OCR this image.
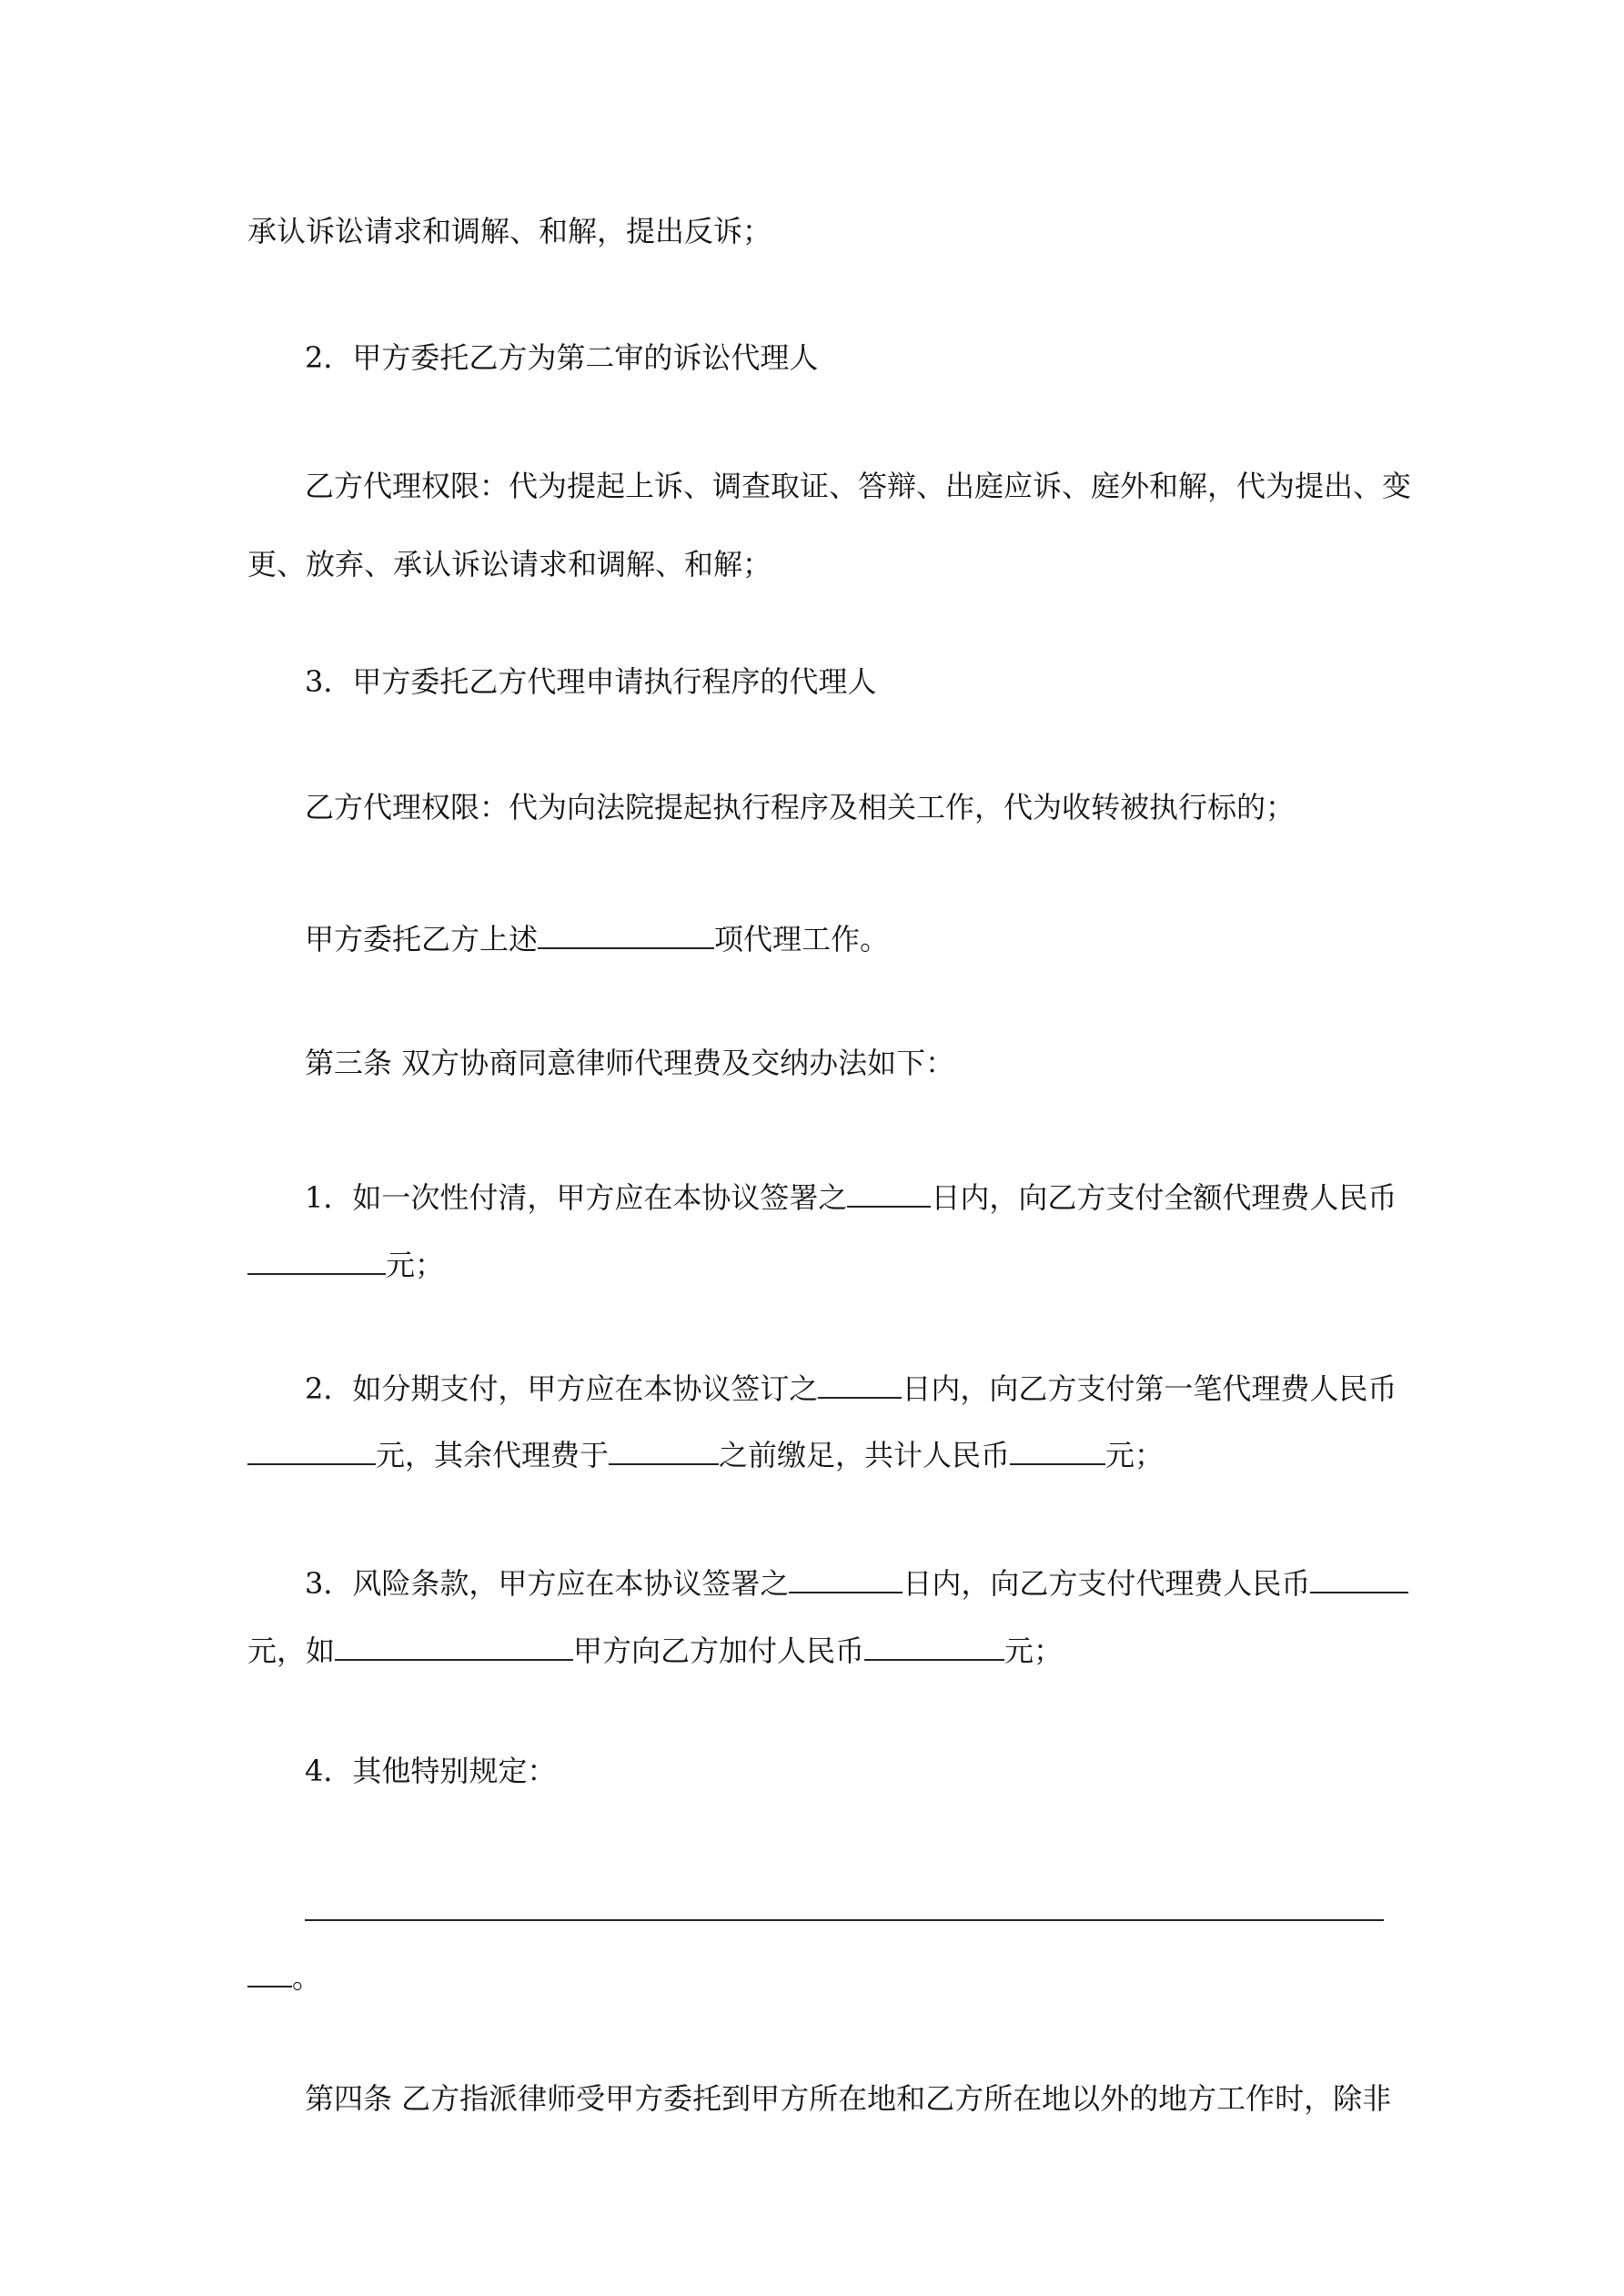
承认诉讼请求和调解、和解，提出反诉；
2．甲方委托乙方为第二审的诉讼代理人
乙方代理权限：代为提起上诉、调查取证、答辩、出庭应诉、庭外和解，代为提出、变
更、放弃、承认诉讼请求和调解、和解；
3．甲方委托乙方代理申请执行程序的代理人
乙方代理权限：代为向法院提起执行程序及相关工作，代为收转被执行标的；
甲方委托乙方上述	项代理工作。
第三条 双方协商同意律师代理费及交纳办法如下：
1．如一次性付清，甲方应在本协议签署之	日内，向乙方支付全额代理费人民币
元；
2．如分期支付，甲方应在本协议签订之	日内，向乙方支付第一笔代理费人民币
元，其余代理费于	之前缴足，共计人民币	元；
3．风险条款，甲方应在本协议签署之	日内，向乙方支付代理费人民币
元，如	甲方向乙方加付人民币	元；
4．其他特别规定：
。
第四条 乙方指派律师受甲方委托到甲方所在地和乙方所在地以外的地方工作时，除非
